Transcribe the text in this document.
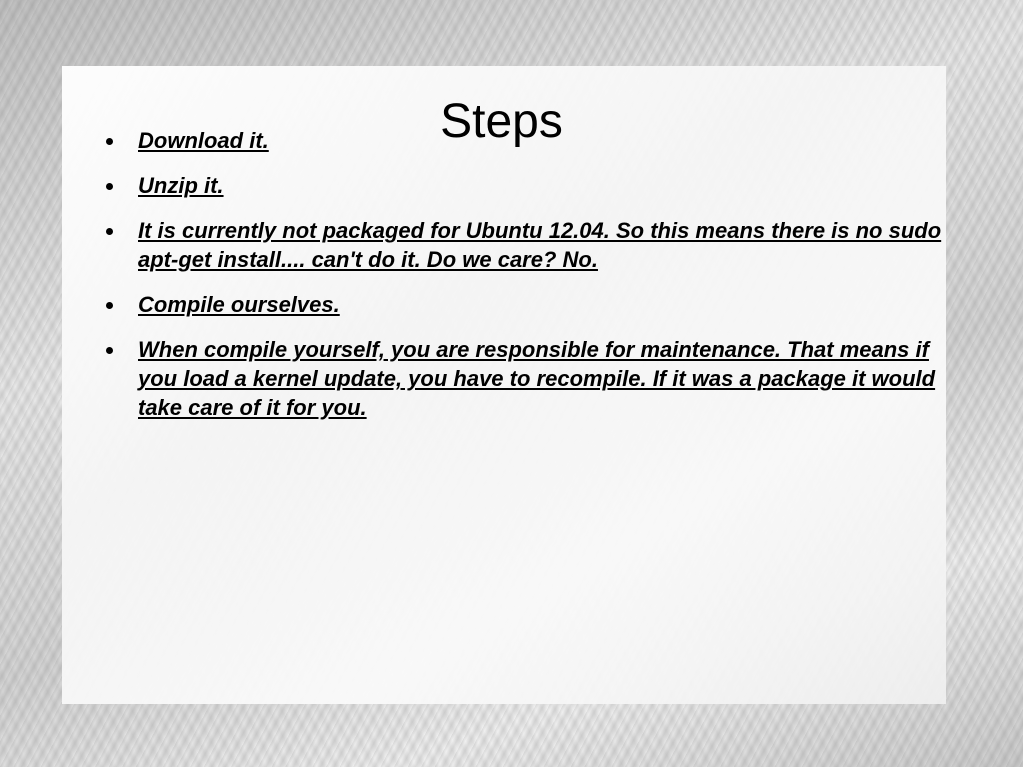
Steps
Download it.
Unzip it.
It is currently not packaged for Ubuntu 12.04. So this means there is no sudo apt-get install.... can't do it. Do we care? No.
Compile ourselves.
When compile yourself, you are responsible for maintenance. That means if you load a kernel update, you have to recompile. If it was a package it would take care of it for you.
